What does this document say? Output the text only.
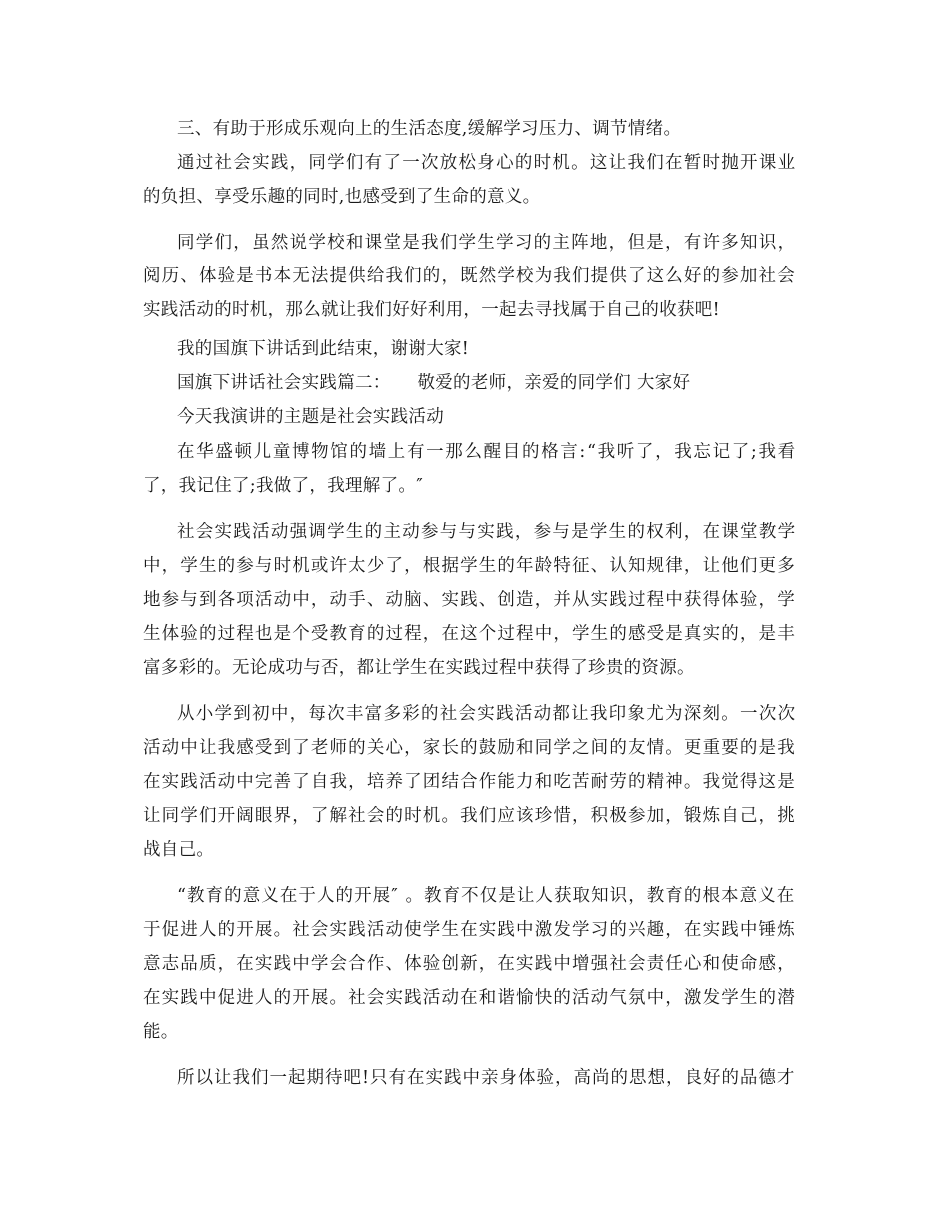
三、有助于形成乐观向上的生活态度,缓解学习压力、调节情绪。
通过社会实践，同学们有了一次放松身心的时机。这让我们在暂时抛开课业
的负担、享受乐趣的同时,也感受到了生命的意义。
同学们，虽然说学校和课堂是我们学生学习的主阵地，但是，有许多知识，
阅历、体验是书本无法提供给我们的，既然学校为我们提供了这么好的参加社会
实践活动的时机，那么就让我们好好利用，一起去寻找属于自己的收获吧!
我的国旗下讲话到此结束，谢谢大家!
国旗下讲话社会实践篇二：　　敬爱的老师，亲爱的同学们 大家好
今天我演讲的主题是社会实践活动
在华盛顿儿童博物馆的墙上有一那么醒目的格言:“我听了，我忘记了;我看
了，我记住了;我做了，我理解了。″
社会实践活动强调学生的主动参与与实践，参与是学生的权利，在课堂教学
中，学生的参与时机或许太少了，根据学生的年龄特征、认知规律，让他们更多
地参与到各项活动中，动手、动脑、实践、创造，并从实践过程中获得体验，学
生体验的过程也是个受教育的过程，在这个过程中，学生的感受是真实的，是丰
富多彩的。无论成功与否，都让学生在实践过程中获得了珍贵的资源。
从小学到初中，每次丰富多彩的社会实践活动都让我印象尤为深刻。一次次
活动中让我感受到了老师的关心，家长的鼓励和同学之间的友情。更重要的是我
在实践活动中完善了自我，培养了团结合作能力和吃苦耐劳的精神。我觉得这是
让同学们开阔眼界，了解社会的时机。我们应该珍惜，积极参加，锻炼自己，挑
战自己。
“教育的意义在于人的开展″ 。教育不仅是让人获取知识，教育的根本意义在
于促进人的开展。社会实践活动使学生在实践中激发学习的兴趣，在实践中锤炼
意志品质，在实践中学会合作、体验创新，在实践中增强社会责任心和使命感，
在实践中促进人的开展。社会实践活动在和谐愉快的活动气氛中，激发学生的潜
能。
所以让我们一起期待吧!只有在实践中亲身体验，高尚的思想，良好的品德才
